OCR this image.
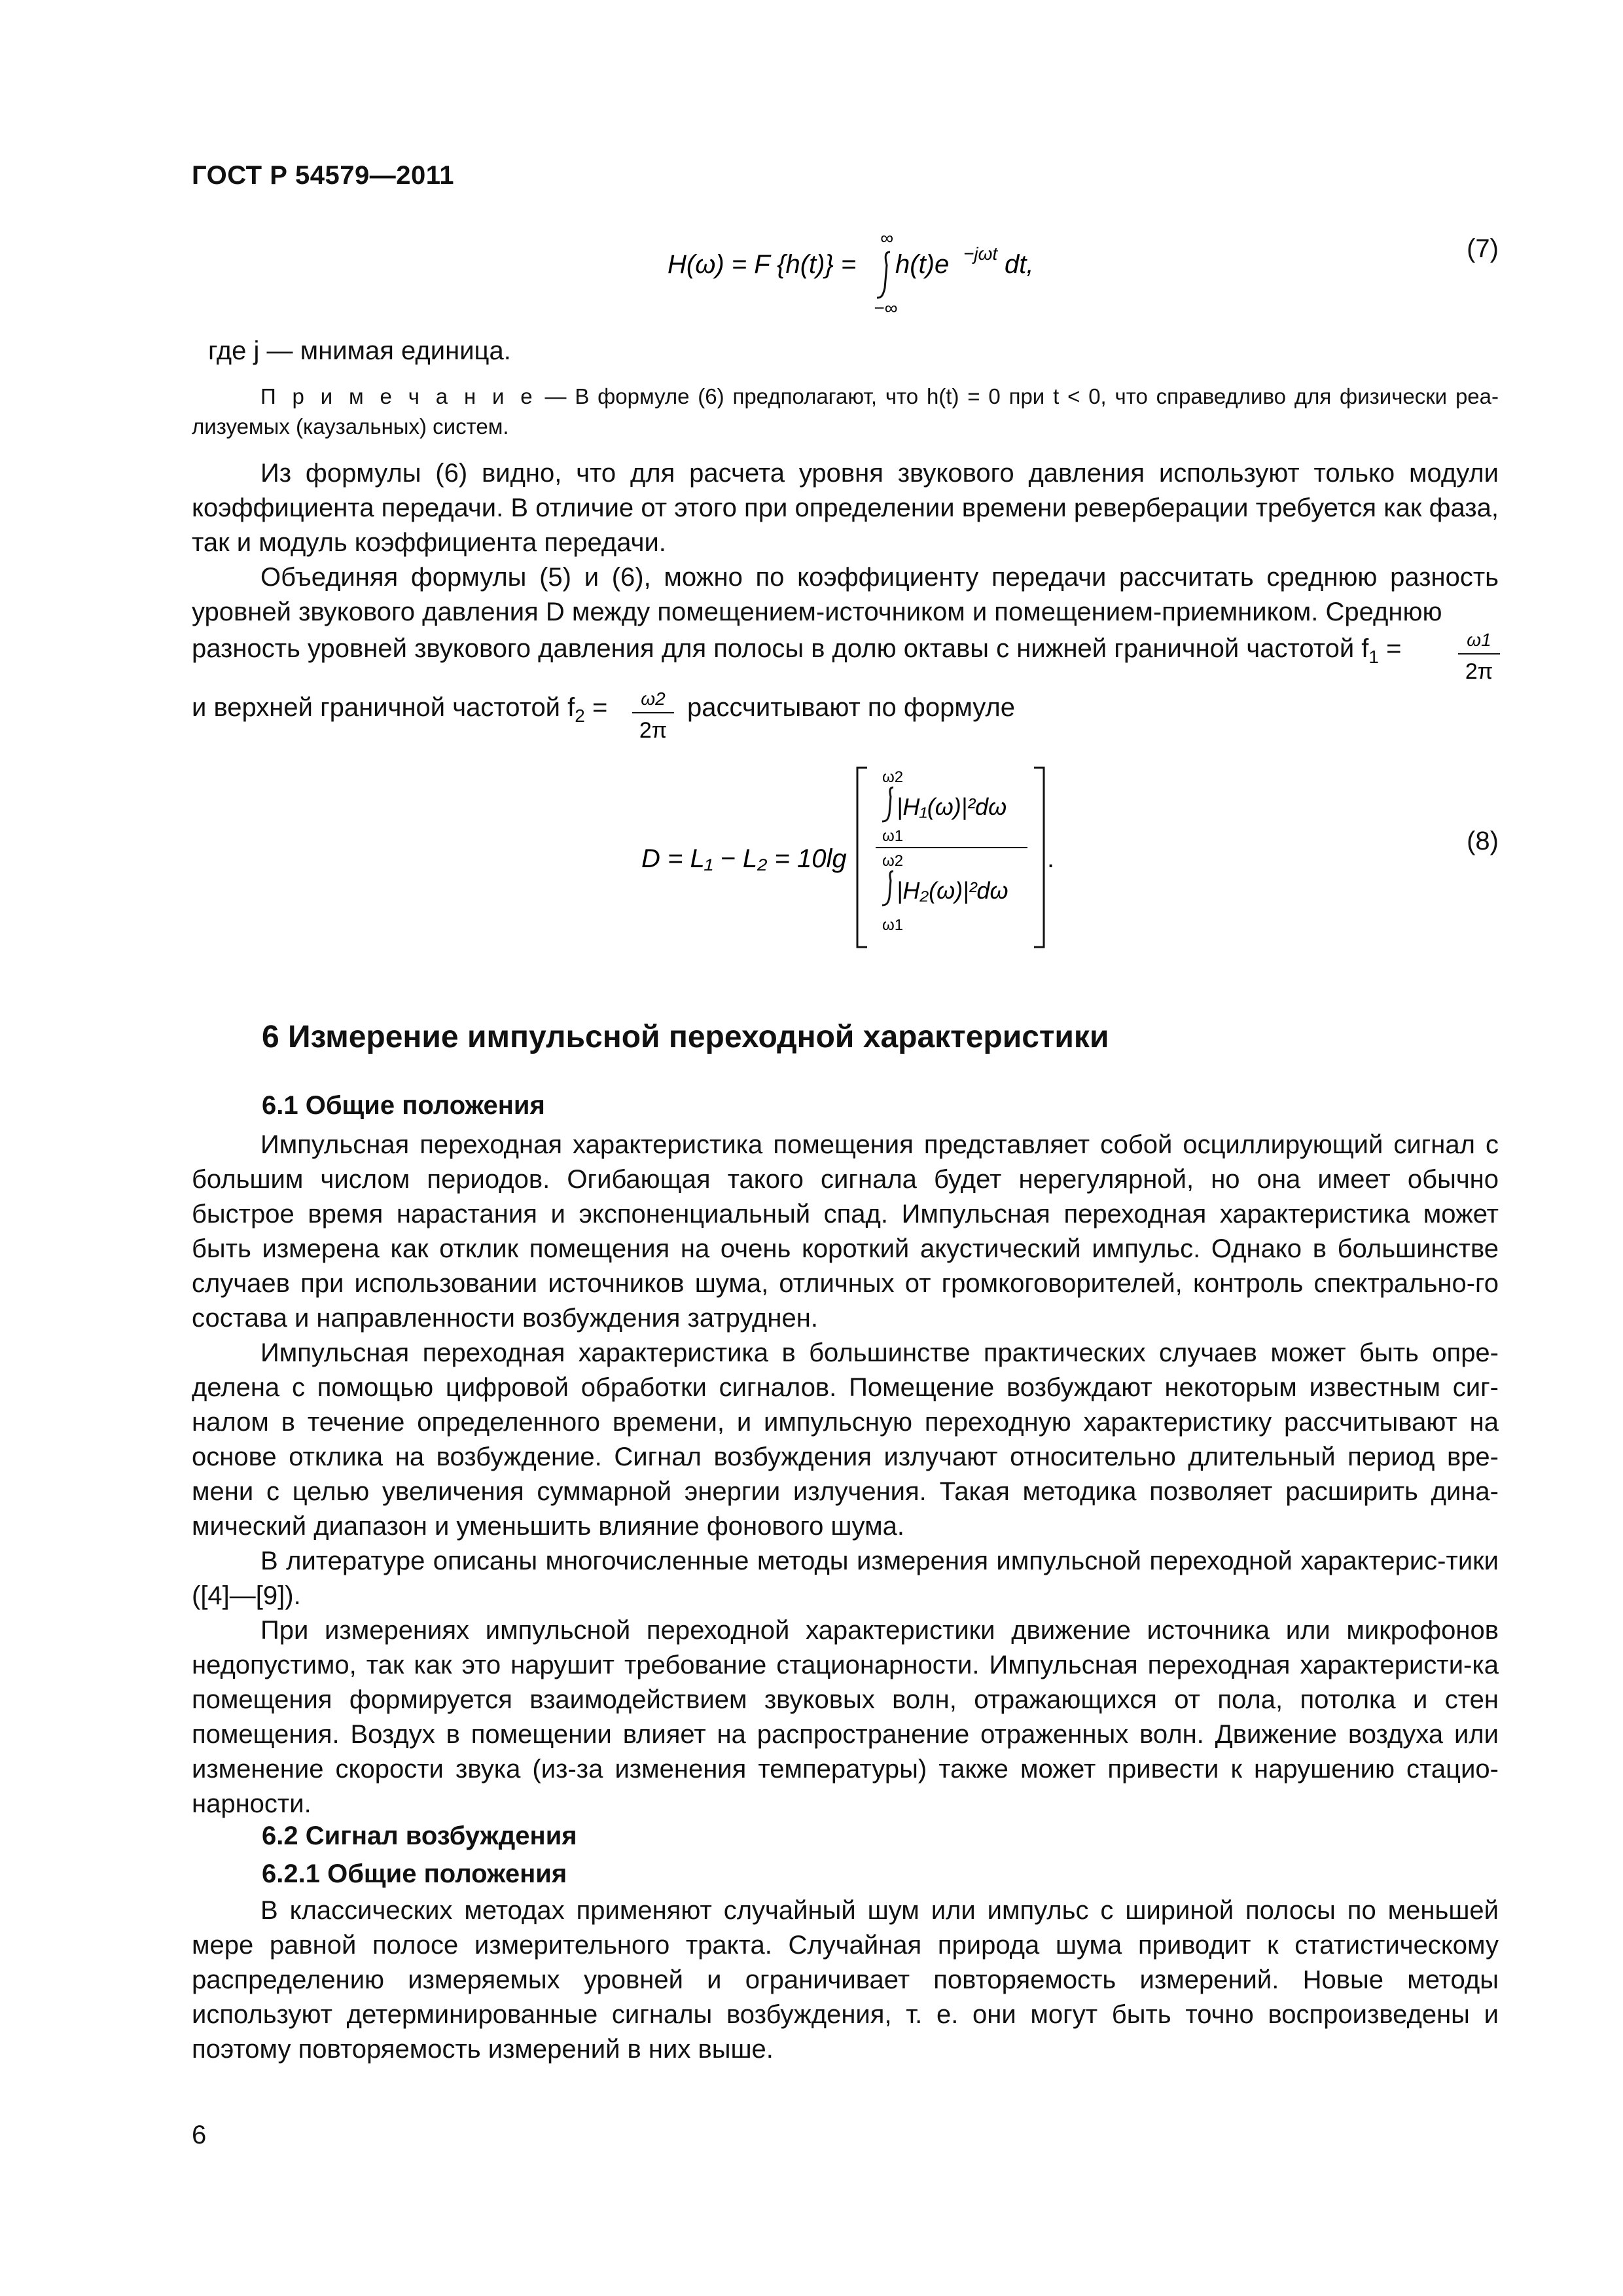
ГОСТ Р 54579—2011
H(ω) = F {h(t)} =
∞
−∞
h(t)e −jωt dt,
(7)

где j — мнимая единица.

П р и м е ч а н и е — В формуле (6) предполагают, что h(t) = 0 при t < 0, что справедливо для физически реа-лизуемых (каузальных) систем.

Из формулы (6) видно, что для расчета уровня звукового давления используют только модули коэффициента передачи. В отличие от этого при определении времени реверберации требуется как фаза, так и модуль коэффициента передачи.

Объединяя формулы (5) и (6), можно по коэффициенту передачи рассчитать среднюю разность уровней звукового давления D между помещением-источником и помещением-приемником. Среднюю

разность уровней звукового давления для полосы в долю октавы с нижней граничной частотой $f_1$ =	ω1
2π
и верхней граничной частотой $f_2 = \omega 2$
2π
рассчитывают по формуле
D = L₁ − L₂ = 10lg
ω2
|H₁(ω)|²dω
ω1
ω2
|H₂(ω)|²dω
ω1
.
(8)
6 Измерение импульсной переходной характеристики
6.1 Общие положения

Импульсная переходная характеристика помещения представляет собой осциллирующий сигнал с большим числом периодов. Огибающая такого сигнала будет нерегулярной, но она имеет обычно быстрое время нарастания и экспоненциальный спад. Импульсная переходная характеристика может быть измерена как отклик помещения на очень короткий акустический импульс. Однако в большинстве случаев при использовании источников шума, отличных от громкоговорителей, контроль спектрально-го состава и направленности возбуждения затруднен.

Импульсная переходная характеристика в большинстве практических случаев может быть опре-делена с помощью цифровой обработки сигналов. Помещение возбуждают некоторым известным сиг-налом в течение определенного времени, и импульсную переходную характеристику рассчитывают на основе отклика на возбуждение. Сигнал возбуждения излучают относительно длительный период вре-мени с целью увеличения суммарной энергии излучения. Такая методика позволяет расширить дина-мический диапазон и уменьшить влияние фонового шума.

В литературе описаны многочисленные методы измерения импульсной переходной характерис-тики ([4]—[9]).

При измерениях импульсной переходной характеристики движение источника или микрофонов недопустимо, так как это нарушит требование стационарности. Импульсная переходная характеристи-ка помещения формируется взаимодействием звуковых волн, отражающихся от пола, потолка и стен помещения. Воздух в помещении влияет на распространение отраженных волн. Движение воздуха или изменение скорости звука (из-за изменения температуры) также может привести к нарушению стацио-нарности.

6.2 Сигнал возбуждения
6.2.1 Общие положения

В классических методах применяют случайный шум или импульс с шириной полосы по меньшей мере равной полосе измерительного тракта. Случайная природа шума приводит к статистическому распределению измеряемых уровней и ограничивает повторяемость измерений. Новые методы используют детерминированные сигналы возбуждения, т. е. они могут быть точно воспроизведены и поэтому повторяемость измерений в них выше.

6
